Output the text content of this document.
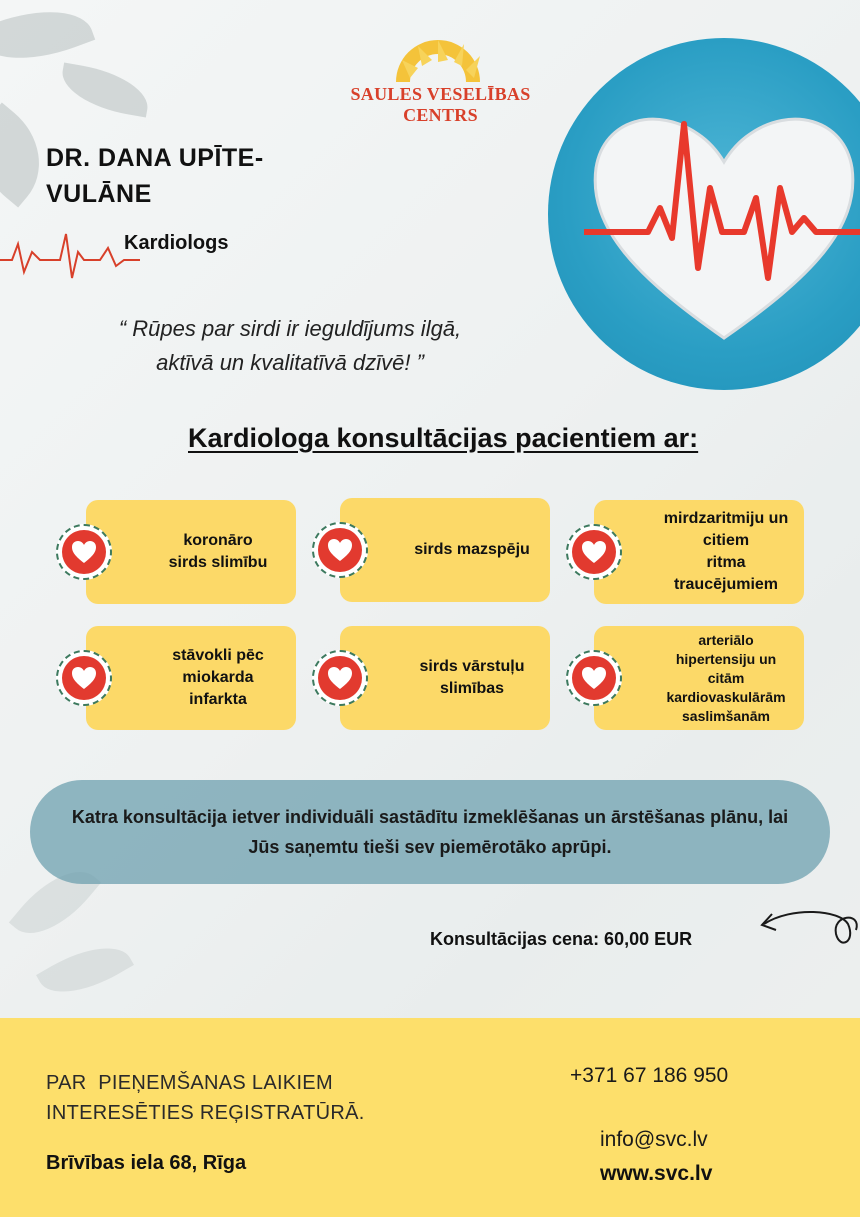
SAULES VESELĪBAS CENTRS
DR. DANA UPĪTE-
VULĀNE
Kardiologs
“ Rūpes par sirdi ir ieguldījums ilgā,
aktīvā un kvalitatīvā dzīvē! ”
Kardiologa konsultācijas pacientiem ar:
koronāro
sirds slimību
sirds mazspēju
mirdzaritmiju un
citiem
ritma traucējumiem
stāvokli pēc
miokarda
infarkta
sirds vārstuļu
slimības
arteriālo
hipertensiju un citām
kardiovaskulārām
saslimšanām
Katra konsultācija ietver individuāli sastādītu izmeklēšanas un ārstēšanas plānu, lai Jūs saņemtu tieši sev piemērotāko aprūpi.
Konsultācijas cena: 60,00 EUR
PAR  PIEŅEMŠANAS LAIKIEM
INTERESĒTIES REĢISTRATŪRĀ.
Brīvības iela 68, Rīga
+371 67 186 950
info@svc.lv
www.svc.lv
